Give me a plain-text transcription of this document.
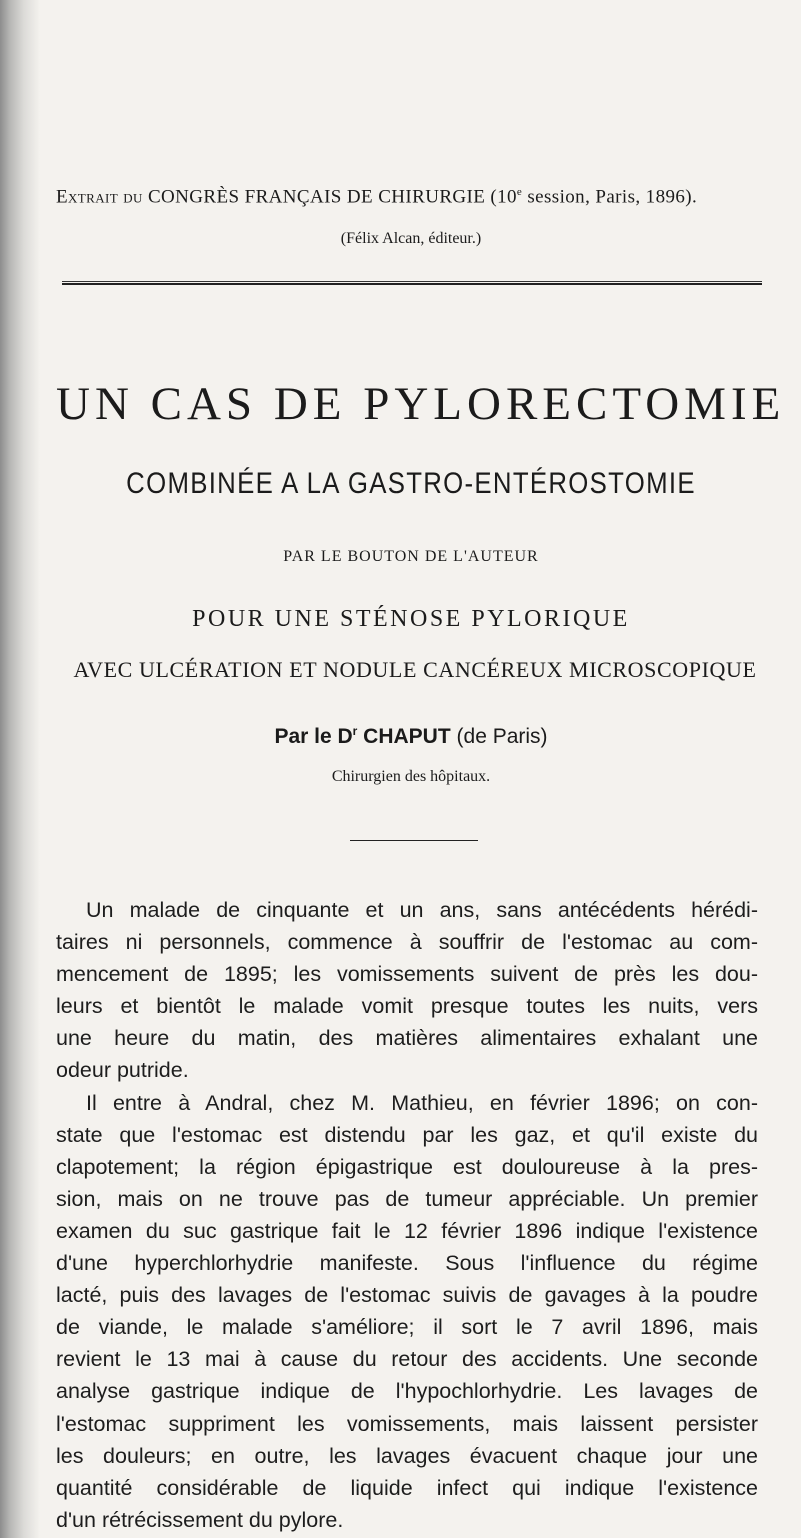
Extrait du CONGRÈS FRANÇAIS DE CHIRURGIE (10e session, Paris, 1896).
(Félix Alcan, éditeur.)
UN CAS DE PYLORECTOMIE
COMBINÉE A LA GASTRO-ENTÉROSTOMIE
PAR LE BOUTON DE L'AUTEUR
POUR UNE STÉNOSE PYLORIQUE
AVEC ULCÉRATION ET NODULE CANCÉREUX MICROSCOPIQUE
Par le $D^r$ CHAPUT (de Paris)
Chirurgien des hôpitaux.
Un malade de cinquante et un ans, sans antécédents hérédi-
taires ni personnels, commence à souffrir de l'estomac au com-
mencement de 1895; les vomissements suivent de près les dou-
leurs et bientôt le malade vomit presque toutes les nuits, vers
une heure du matin, des matières alimentaires exhalant une
odeur putride.
Il entre à Andral, chez M. Mathieu, en février 1896; on con-
state que l'estomac est distendu par les gaz, et qu'il existe du
clapotement; la région épigastrique est douloureuse à la pres-
sion, mais on ne trouve pas de tumeur appréciable. Un premier
examen du suc gastrique fait le 12 février 1896 indique l'existence
d'une hyperchlorhydrie manifeste. Sous l'influence du régime
lacté, puis des lavages de l'estomac suivis de gavages à la poudre
de viande, le malade s'améliore; il sort le 7 avril 1896, mais
revient le 13 mai à cause du retour des accidents. Une seconde
analyse gastrique indique de l'hypochlorhydrie. Les lavages de
l'estomac suppriment les vomissements, mais laissent persister
les douleurs; en outre, les lavages évacuent chaque jour une
quantité considérable de liquide infect qui indique l'existence
d'un rétrécissement du pylore.
